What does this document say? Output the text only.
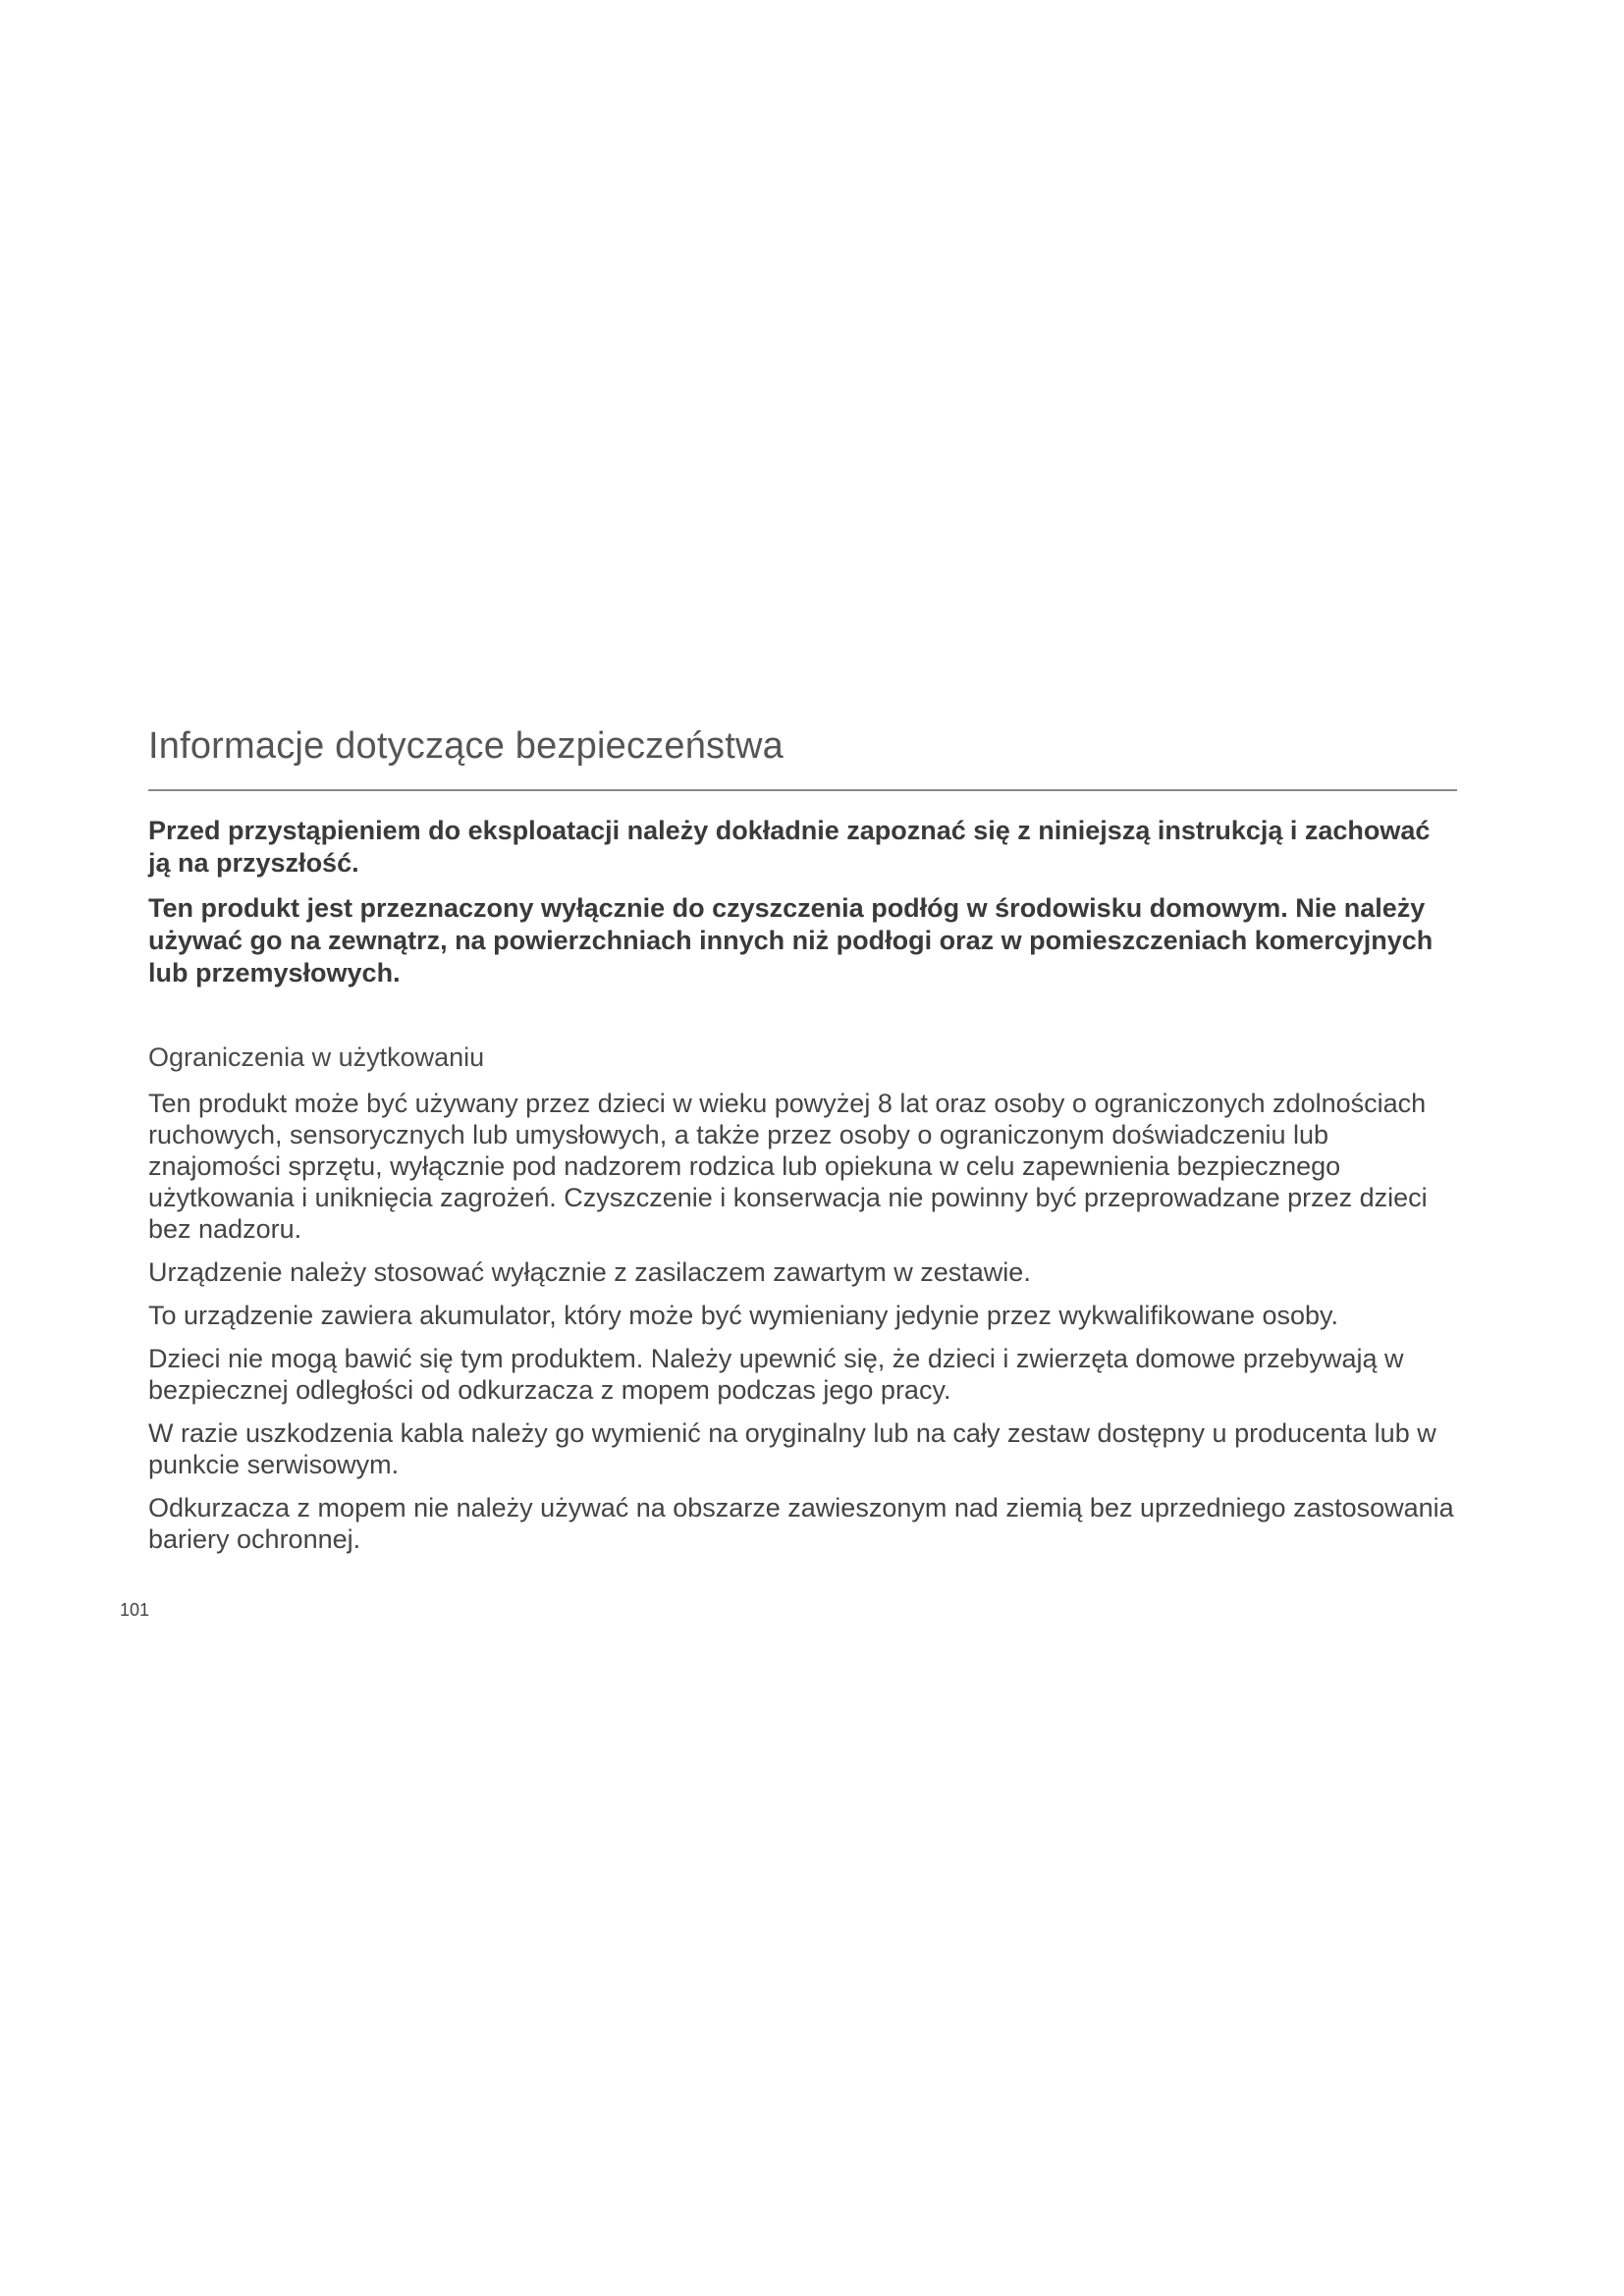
Informacje dotyczące bezpieczeństwa

Przed przystąpieniem do eksploatacji należy dokładnie zapoznać się z niniejszą instrukcją i zachować ją na przyszłość.

Ten produkt jest przeznaczony wyłącznie do czyszczenia podłóg w środowisku domowym. Nie należy używać go na zewnątrz, na powierzchniach innych niż podłogi oraz w pomieszczeniach komercyjnych lub przemysłowych.

Ograniczenia w użytkowaniu

Ten produkt może być używany przez dzieci w wieku powyżej 8 lat oraz osoby o ograniczonych zdolnościach ruchowych, sensorycznych lub umysłowych, a także przez osoby o ograniczonym doświadczeniu lub znajomości sprzętu, wyłącznie pod nadzorem rodzica lub opiekuna w celu zapewnienia bezpiecznego użytkowania i uniknięcia zagrożeń. Czyszczenie i konserwacja nie powinny być przeprowadzane przez dzieci bez nadzoru.

Urządzenie należy stosować wyłącznie z zasilaczem zawartym w zestawie.

To urządzenie zawiera akumulator, który może być wymieniany jedynie przez wykwalifikowane osoby.

Dzieci nie mogą bawić się tym produktem. Należy upewnić się, że dzieci i zwierzęta domowe przebywają w bezpiecznej odległości od odkurzacza z mopem podczas jego pracy.

W razie uszkodzenia kabla należy go wymienić na oryginalny lub na cały zestaw dostępny u producenta lub w punkcie serwisowym.

Odkurzacza z mopem nie należy używać na obszarze zawieszonym nad ziemią bez uprzedniego zastosowania bariery ochronnej.

101
